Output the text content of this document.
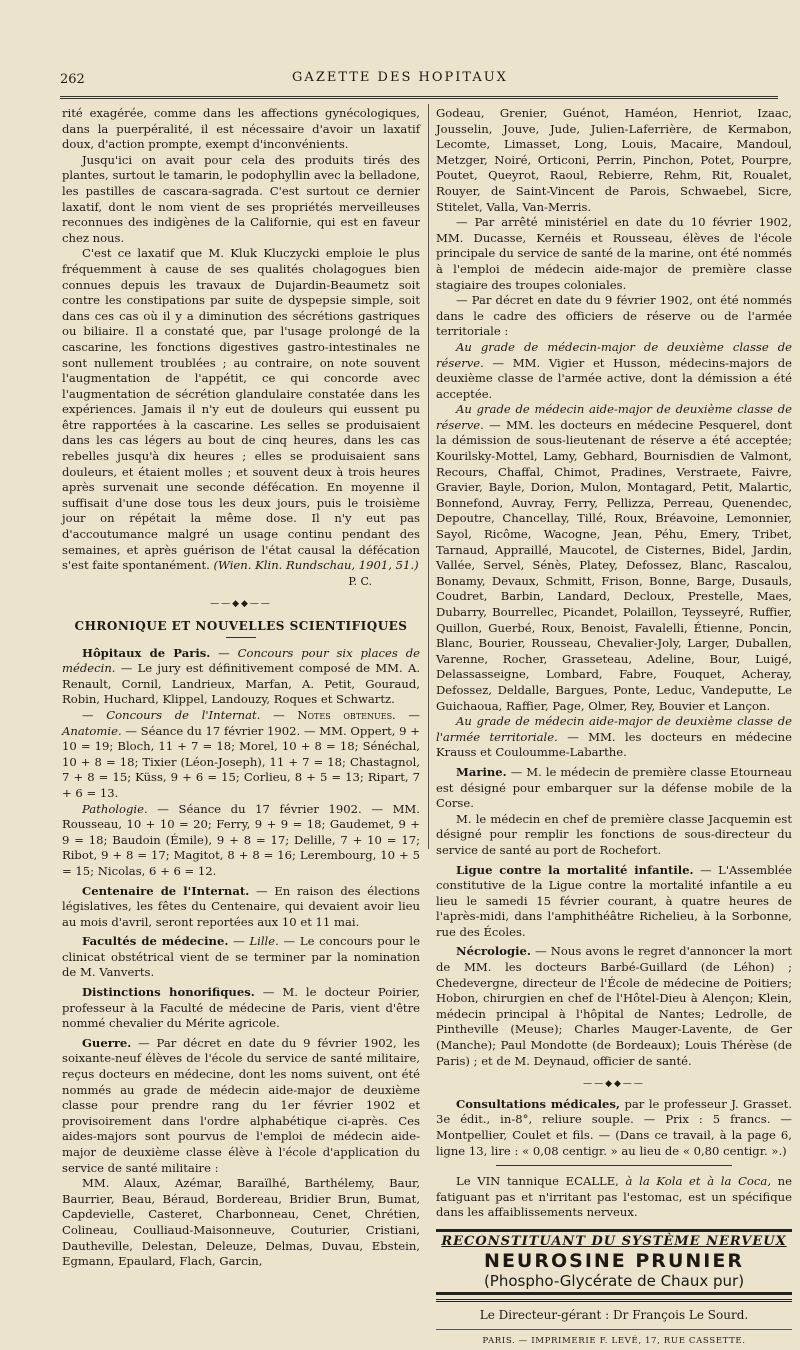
262	GAZETTE DES HOPITAUX

rité exagérée, comme dans les affections gynécologiques, dans la puerpéralité, il est nécessaire d'avoir un laxatif doux, d'action prompte, exempt d'inconvénients.

Jusqu'ici on avait pour cela des produits tirés des plantes, surtout le tamarin, le podophyllin avec la belladone, les pastilles de cascara-sagrada. C'est surtout ce dernier laxatif, dont le nom vient de ses propriétés merveilleuses reconnues des indigènes de la Californie, qui est en faveur chez nous.

C'est ce laxatif que M. Kluk Kluczycki emploie le plus fréquemment à cause de ses qualités cholagogues bien connues depuis les travaux de Dujardin-Beaumetz soit contre les constipations par suite de dyspepsie simple, soit dans ces cas où il y a diminution des sécrétions gastriques ou biliaire. Il a constaté que, par l'usage prolongé de la cascarine, les fonctions digestives gastro-intestinales ne sont nullement troublées ; au contraire, on note souvent l'augmentation de l'appétit, ce qui concorde avec l'augmentation de sécrétion glandulaire constatée dans les expériences. Jamais il n'y eut de douleurs qui eussent pu être rapportées à la cascarine. Les selles se produisaient dans les cas légers au bout de cinq heures, dans les cas rebelles jusqu'à dix heures ; elles se produisaient sans douleurs, et étaient molles ; et souvent deux à trois heures après survenait une seconde défécation. En moyenne il suffisait d'une dose tous les deux jours, puis le troisième jour on répétait la même dose. Il n'y eut pas d'accoutumance malgré un usage continu pendant des semaines, et après guérison de l'état causal la défécation s'est faite spontanément. (Wien. Klin. Rundschau, 1901, 51.)

P. C.

——◆◆——
CHRONIQUE ET NOUVELLES SCIENTIFIQUES

Hôpitaux de Paris. — Concours pour six places de médecin. — Le jury est définitivement composé de MM. A. Renault, Cornil, Landrieux, Marfan, A. Petit, Gouraud, Robin, Huchard, Klippel, Landouzy, Roques et Schwartz.

— Concours de l'Internat. — Notes obtenues. — Anatomie. — Séance du 17 février 1902. — MM. Oppert, 9 + 10 = 19; Bloch, 11 + 7 = 18; Morel, 10 + 8 = 18; Sénéchal, 10 + 8 = 18; Tixier (Léon-Joseph), 11 + 7 = 18; Chastagnol, 7 + 8 = 15; Küss, 9 + 6 = 15; Corlieu, 8 + 5 = 13; Ripart, 7 + 6 = 13.

Pathologie. — Séance du 17 février 1902. — MM. Rousseau, 10 + 10 = 20; Ferry, 9 + 9 = 18; Gaudemet, 9 + 9 = 18; Baudoin (Émile), 9 + 8 = 17; Delille, 7 + 10 = 17; Ribot, 9 + 8 = 17; Magitot, 8 + 8 = 16; Lerembourg, 10 + 5 = 15; Nicolas, 6 + 6 = 12.

Centenaire de l'Internat. — En raison des élections législatives, les fêtes du Centenaire, qui devaient avoir lieu au mois d'avril, seront reportées aux 10 et 11 mai.

Facultés de médecine. — Lille. — Le concours pour le clinicat obstétrical vient de se terminer par la nomination de M. Vanverts.

Distinctions honorifiques. — M. le docteur Poirier, professeur à la Faculté de médecine de Paris, vient d'être nommé chevalier du Mérite agricole.

Guerre. — Par décret en date du 9 février 1902, les soixante-neuf élèves de l'école du service de santé militaire, reçus docteurs en médecine, dont les noms suivent, ont été nommés au grade de médecin aide-major de deuxième classe pour prendre rang du 1er février 1902 et provisoirement dans l'ordre alphabétique ci-après. Ces aides-majors sont pourvus de l'emploi de médecin aide-major de deuxième classe élève à l'école d'application du service de santé militaire :

MM. Alaux, Azémar, Baraïlhé, Barthélemy, Baur, Baurrier, Beau, Béraud, Bordereau, Bridier Brun, Bumat, Capdevielle, Casteret, Charbonneau, Cenet, Chrétien, Colineau, Coulliaud-Maisonneuve, Couturier, Cristiani, Dautheville, Delestan, Deleuze, Delmas, Duvau, Ebstein, Egmann, Epaulard, Flach, Garcin,

Godeau, Grenier, Guénot, Haméon, Henriot, Izaac, Jousselin, Jouve, Jude, Julien-Laferrière, de Kermabon, Lecomte, Limasset, Long, Louis, Macaire, Mandoul, Metzger, Noiré, Orticoni, Perrin, Pinchon, Potet, Pourpre, Poutet, Queyrot, Raoul, Rebierre, Rehm, Rit, Roualet, Rouyer, de Saint-Vincent de Parois, Schwaebel, Sicre, Stitelet, Valla, Van-Merris.

— Par arrêté ministériel en date du 10 février 1902, MM. Ducasse, Kernéis et Rousseau, élèves de l'école principale du service de santé de la marine, ont été nommés à l'emploi de médecin aide-major de première classe stagiaire des troupes coloniales.

— Par décret en date du 9 février 1902, ont été nommés dans le cadre des officiers de réserve ou de l'armée territoriale :

Au grade de médecin-major de deuxième classe de réserve. — MM. Vigier et Husson, médecins-majors de deuxième classe de l'armée active, dont la démission a été acceptée.

Au grade de médecin aide-major de deuxième classe de réserve. — MM. les docteurs en médecine Pesquerel, dont la démission de sous-lieutenant de réserve a été acceptée; Kourilsky-Mottel, Lamy, Gebhard, Bournisdien de Valmont, Recours, Chaffal, Chimot, Pradines, Verstraete, Faivre, Gravier, Bayle, Dorion, Mulon, Montagard, Petit, Malartic, Bonnefond, Auvray, Ferry, Pellizza, Perreau, Quenendec, Depoutre, Chancellay, Tillé, Roux, Bréavoine, Lemonnier, Sayol, Ricôme, Wacogne, Jean, Péhu, Emery, Tribet, Tarnaud, Appraillé, Maucotel, de Cisternes, Bidel, Jardin, Vallée, Servel, Sénès, Platey, Defossez, Blanc, Rascalou, Bonamy, Devaux, Schmitt, Frison, Bonne, Barge, Dusauls, Coudret, Barbin, Landard, Decloux, Prestelle, Maes, Dubarry, Bourrellec, Picandet, Polaillon, Teysseyré, Ruffier, Quillon, Guerbé, Roux, Benoist, Favalelli, Étienne, Poncin, Blanc, Bourier, Rousseau, Chevalier-Joly, Larger, Duballen, Varenne, Rocher, Grasseteau, Adeline, Bour, Luigé, Delassasseigne, Lombard, Fabre, Fouquet, Acheray, Defossez, Deldalle, Bargues, Ponte, Leduc, Vandeputte, Le Guichaoua, Raffier, Page, Olmer, Rey, Bouvier et Lançon.

Au grade de médecin aide-major de deuxième classe de l'armée territoriale. — MM. les docteurs en médecine Krauss et Couloumme-Labarthe.

Marine. — M. le médecin de première classe Etourneau est désigné pour embarquer sur la défense mobile de la Corse.

M. le médecin en chef de première classe Jacquemin est désigné pour remplir les fonctions de sous-directeur du service de santé au port de Rochefort.

Ligue contre la mortalité infantile. — L'Assemblée constitutive de la Ligue contre la mortalité infantile a eu lieu le samedi 15 février courant, à quatre heures de l'après-midi, dans l'amphithéâtre Richelieu, à la Sorbonne, rue des Écoles.

Nécrologie. — Nous avons le regret d'annoncer la mort de MM. les docteurs Barbé-Guillard (de Léhon) ; Chedevergne, directeur de l'École de médecine de Poitiers; Hobon, chirurgien en chef de l'Hôtel-Dieu à Alençon; Klein, médecin principal à l'hôpital de Nantes; Ledrolle, de Pintheville (Meuse); Charles Mauger-Lavente, de Ger (Manche); Paul Mondotte (de Bordeaux); Louis Thérèse (de Paris) ; et de M. Deynaud, officier de santé.

——◆◆——

Consultations médicales, par le professeur J. Grasset. 3e édit., in-8°, reliure souple. — Prix : 5 francs. — Montpellier, Coulet et fils. — (Dans ce travail, à la page 6, ligne 13, lire : « 0,08 centigr. » au lieu de « 0,80 centigr. ».)

Le VIN tannique ECALLE, à la Kola et à la Coca, ne fatiguant pas et n'irritant pas l'estomac, est un spécifique dans les affaiblissements nerveux.

RECONSTITUANT DU SYSTÈME NERVEUX
NEUROSINE PRUNIER
(Phospho-Glycérate de Chaux pur)
Le Directeur-gérant : Dr François Le Sourd.
PARIS. — IMPRIMERIE F. LEVÉ, 17, RUE CASSETTE.
